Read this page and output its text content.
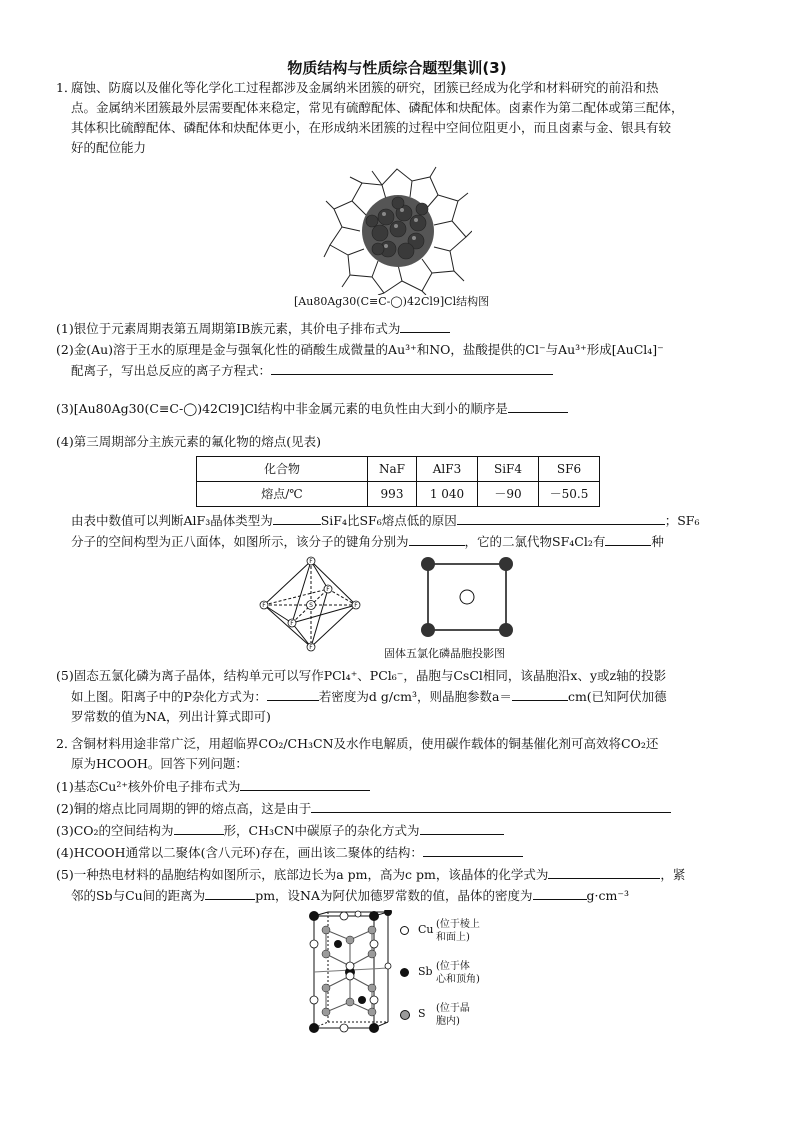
物质结构与性质综合题型集训(3)
1．
腐蚀、防腐以及催化等化学化工过程都涉及金属纳米团簇的研究，团簇已经成为化学和材料研究的前沿和热
点。金属纳米团簇最外层需要配体来稳定，常见有硫醇配体、磷配体和炔配体。卤素作为第二配体或第三配体，
其体积比硫醇配体、磷配体和炔配体更小，在形成纳米团簇的过程中空间位阻更小，而且卤素与金、银具有较
好的配位能力
[Au80Ag30(C≡C-◯)42Cl9]Cl结构图
(1)银位于元素周期表第五周期第ⅠB族元素，其价电子排布式为
(2)金(Au)溶于王水的原理是金与强氧化性的硝酸生成微量的Au³⁺和NO，盐酸提供的Cl⁻与Au³⁺形成[AuCl₄]⁻
配离子，写出总反应的离子方程式：
(3)[Au80Ag30(C≡C-◯)42Cl9]Cl结构中非金属元素的电负性由大到小的顺序是
(4)第三周期部分主族元素的氟化物的熔点(见表)
化合物	NaF	AlF3	SiF4	SF6
熔点/℃	993	1 040	－90	－50.5
由表中数值可以判断AlF₃晶体类型为	SiF₄比SF₆熔点低的原因	；SF₆
分子的空间构型为正八面体，如图所示，该分子的键角分别为	，它的二氯代物SF₄Cl₂有	种
F
F
F	F
F
F
S
固体五氯化磷晶胞投影图
(5)固态五氯化磷为离子晶体，结构单元可以写作PCl₄⁺、PCl₆⁻，晶胞与CsCl相同，该晶胞沿x、y或z轴的投影
如上图。阳离子中的P杂化方式为：	若密度为d g/cm³，则晶胞参数a＝	cm(已知阿伏加德
罗常数的值为NA，列出计算式即可)
2．
含铜材料用途非常广泛，用超临界CO₂/CH₃CN及水作电解质，使用碳作载体的铜基催化剂可高效将CO₂还
原为HCOOH。回答下列问题：
(1)基态Cu²⁺核外价电子排布式为
(2)铜的熔点比同周期的钾的熔点高，这是由于
(3)CO₂的空间结构为	形，CH₃CN中碳原子的杂化方式为
(4)HCOOH通常以二聚体(含八元环)存在，画出该二聚体的结构：
(5)一种热电材料的晶胞结构如图所示，底部边长为a pm，高为c pm，该晶体的化学式为	，紧
邻的Sb与Cu间的距离为	pm，设NA为阿伏加德罗常数的值，晶体的密度为	g·cm⁻³
Cu (位于棱上
和面上)
Sb (位于体
心和顶角)
S (位于晶
胞内)
